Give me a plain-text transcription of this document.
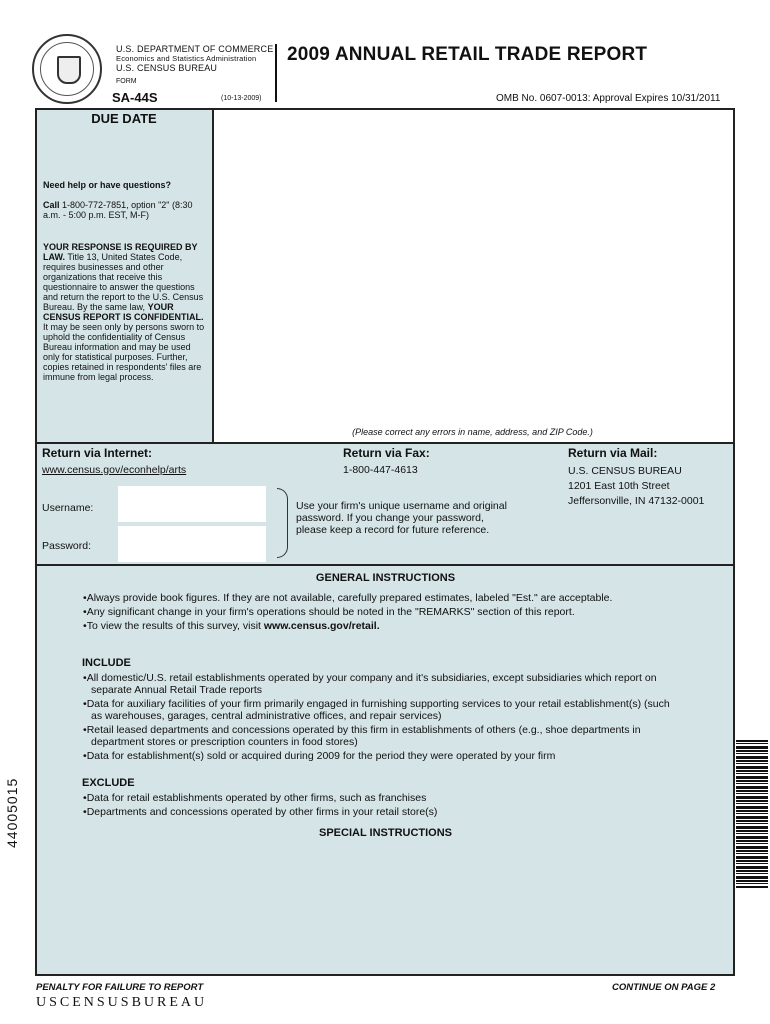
U.S. DEPARTMENT OF COMMERCE
Economics and Statistics Administration
U.S. CENSUS BUREAU
FORM
SA-44S	(10-13-2009)
2009 ANNUAL RETAIL TRADE REPORT
OMB No. 0607-0013: Approval Expires 10/31/2011
DUE DATE
Need help or have questions?
Call 1-800-772-7851, option "2" (8:30 a.m. - 5:00 p.m. EST, M-F)
YOUR RESPONSE IS REQUIRED BY LAW. Title 13, United States Code, requires businesses and other organizations that receive this questionnaire to answer the questions and return the report to the U.S. Census Bureau. By the same law, YOUR CENSUS REPORT IS CONFIDENTIAL. It may be seen only by persons sworn to uphold the confidentiality of Census Bureau information and may be used only for statistical purposes. Further, copies retained in respondents' files are immune from legal process.
(Please correct any errors in name, address, and ZIP Code.)
Return via Internet:
www.census.gov/econhelp/arts
Username:
Password:
Use your firm's unique username and original password. If you change your password, please keep a record for future reference.
Return via Fax:
1-800-447-4613
Return via Mail:
U.S. CENSUS BUREAU
1201 East 10th Street
Jeffersonville, IN 47132-0001
GENERAL INSTRUCTIONS
•Always provide book figures. If they are not available, carefully prepared estimates, labeled "Est." are acceptable.
•Any significant change in your firm's operations should be noted in the "REMARKS" section of this report.
•To view the results of this survey, visit www.census.gov/retail.
INCLUDE
•All domestic/U.S. retail establishments operated by your company and it's subsidiaries, except subsidiaries which report on separate Annual Retail Trade reports
•Data for auxiliary facilities of your firm primarily engaged in furnishing supporting services to your retail establishment(s) (such as warehouses, garages, central administrative offices, and repair services)
•Retail leased departments and concessions operated by this firm in establishments of others (e.g., shoe departments in department stores or prescription counters in food stores)
•Data for establishment(s) sold or acquired during 2009 for the period they were operated by your firm
EXCLUDE
•Data for retail establishments operated by other firms, such as franchises
•Departments and concessions operated by other firms in your retail store(s)
SPECIAL INSTRUCTIONS
44005015
PENALTY FOR FAILURE TO REPORT	CONTINUE ON PAGE 2
USCENSUSBUREAU
